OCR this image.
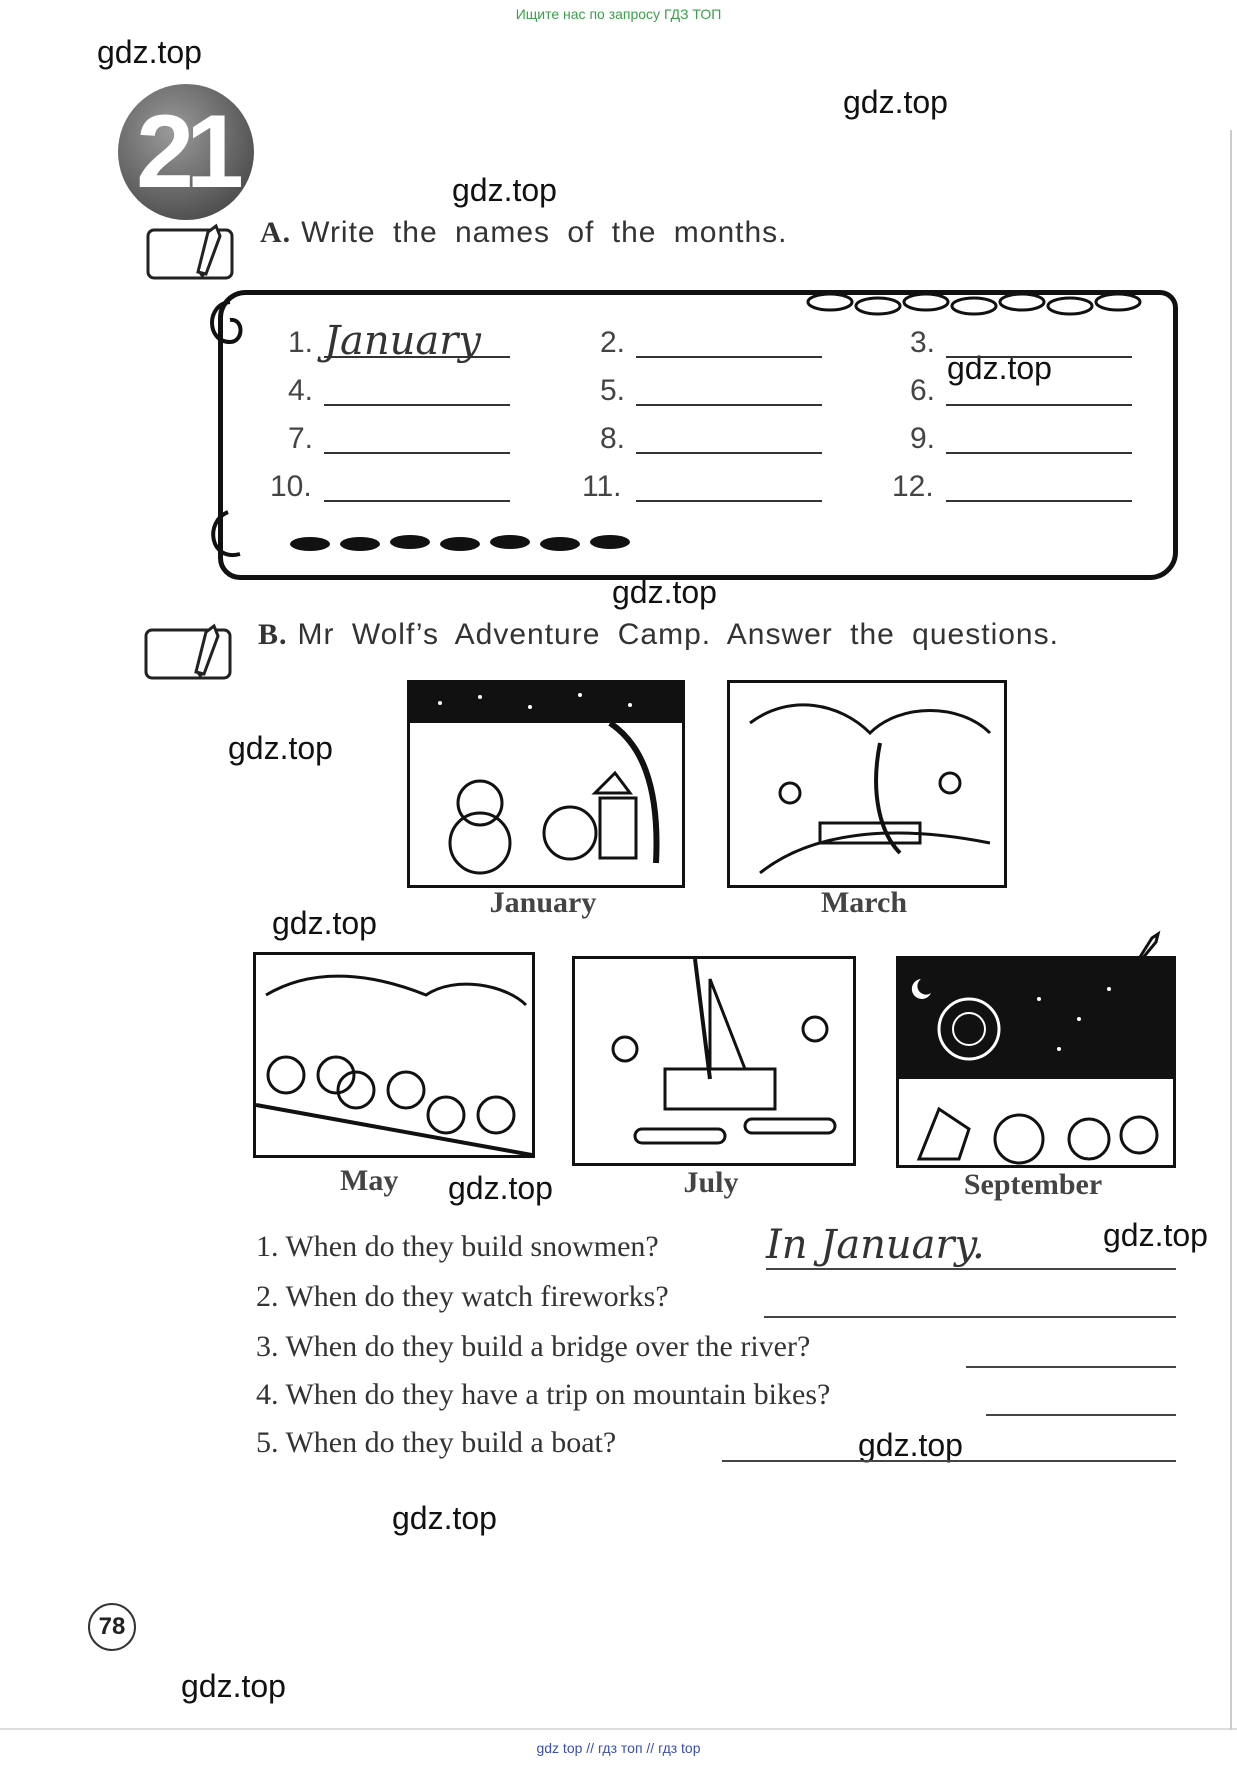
Ищите нас по запросу ГДЗ ТОП
gdz.top
gdz.top
gdz.top
gdz.top
gdz.top
gdz.top
gdz.top
gdz.top
gdz.top
gdz.top
gdz.top
gdz.top
21
A. Write the names of the months.
1. January	2.	3.
4.	5.	6.
7.	8.	9.
10.	11.	12.
B. Mr Wolf’s Adventure Camp. Answer the questions.
January	March
May	July	September
1. When do they build snowmen?	In January.
2. When do they watch fireworks?
3. When do they build a bridge over the river?
4. When do they have a trip on mountain bikes?
5. When do they build a boat?
78
gdz top // гдз топ // гдз top
